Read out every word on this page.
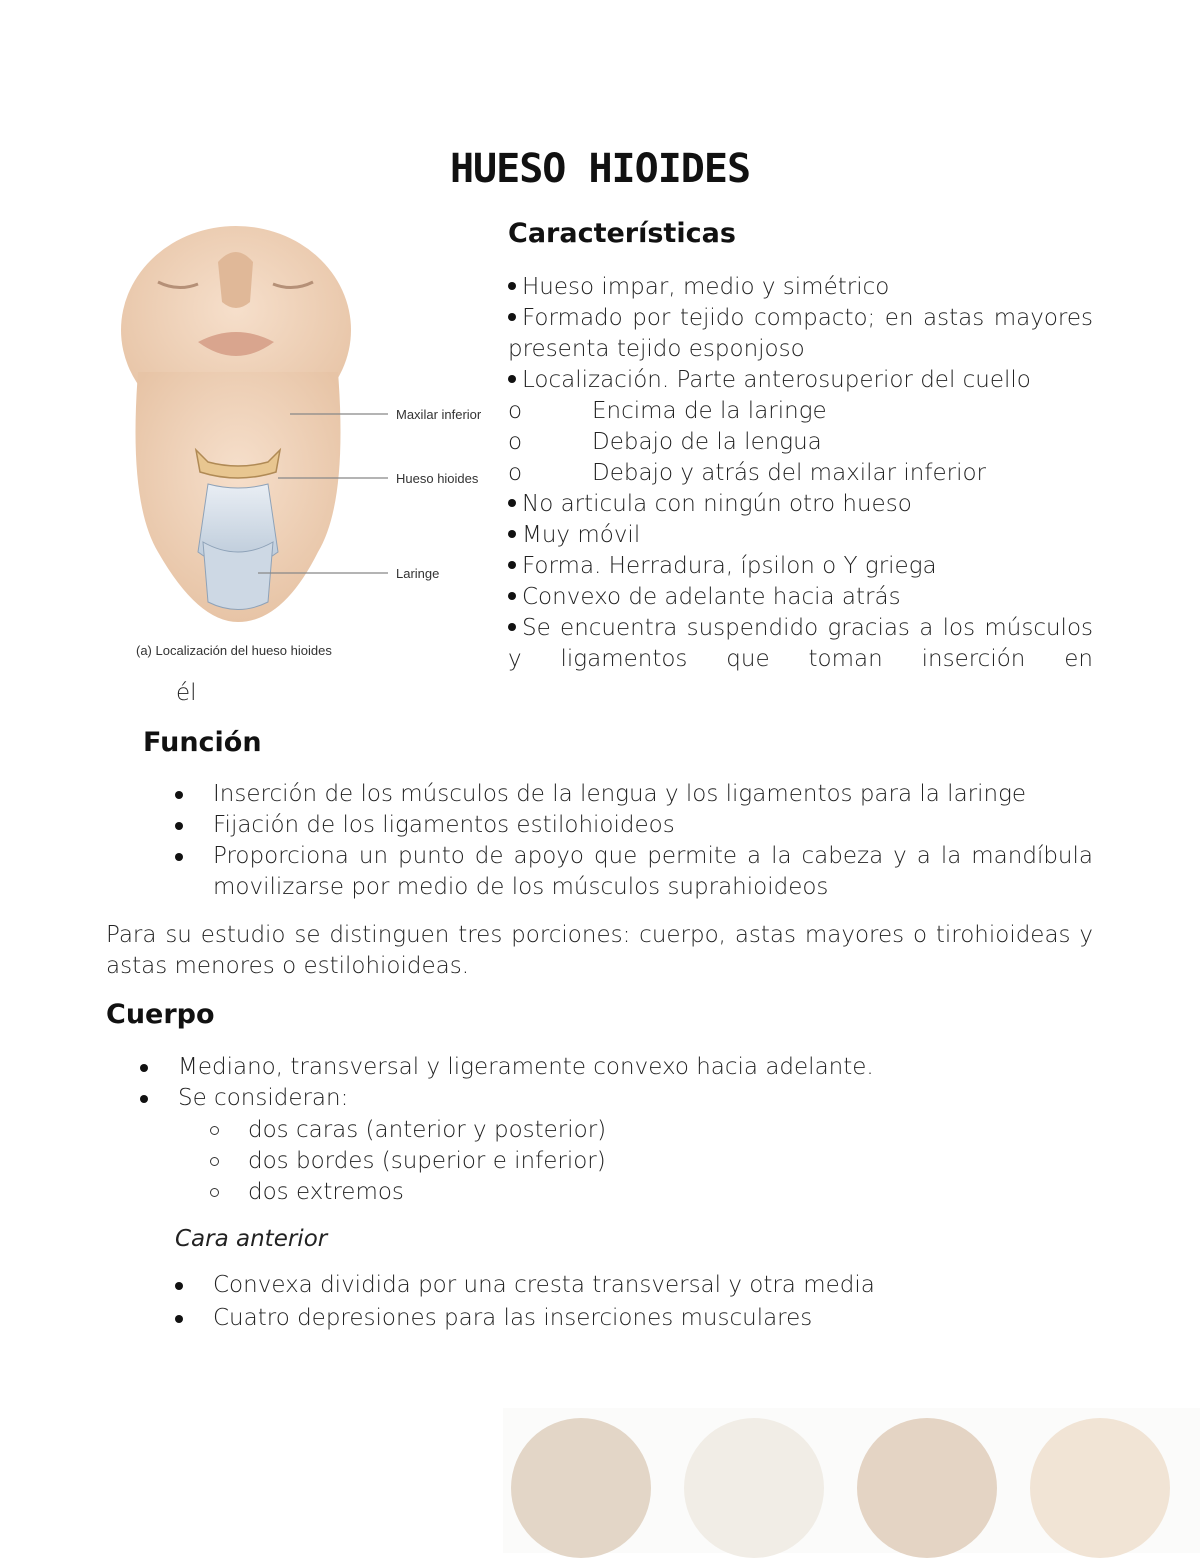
HUESO HIOIDES
Maxilar inferior
Hueso hioides
Laringe
(a) Localización del hueso hioides
Características
Hueso impar, medio y simétrico
Formado por tejido compacto; en astas mayores presenta tejido esponjoso
Localización. Parte anterosuperior del cuello
o	Encima de la laringe
o	Debajo de la lengua
o	Debajo y atrás del maxilar inferior
No articula con ningún otro hueso
Muy móvil
Forma. Herradura, ípsilon o Y griega
Convexo de adelante hacia atrás
Se encuentra suspendido gracias a los músculos y ligamentos que toman inserción en
él
Función
Inserción de los músculos de la lengua y los ligamentos para la laringe
Fijación de los ligamentos estilohioideos
Proporciona un punto de apoyo que permite a la cabeza y a la mandíbula movilizarse por medio de los músculos suprahioideos
Para su estudio se distinguen tres porciones: cuerpo, astas mayores o tirohioideas y astas menores o estilohioideas.
Cuerpo
Mediano, transversal y ligeramente convexo hacia adelante.
Se consideran:
dos caras (anterior y posterior)
dos bordes (superior e inferior)
dos extremos
Cara anterior
Convexa dividida por una cresta transversal y otra media
Cuatro depresiones para las inserciones musculares
